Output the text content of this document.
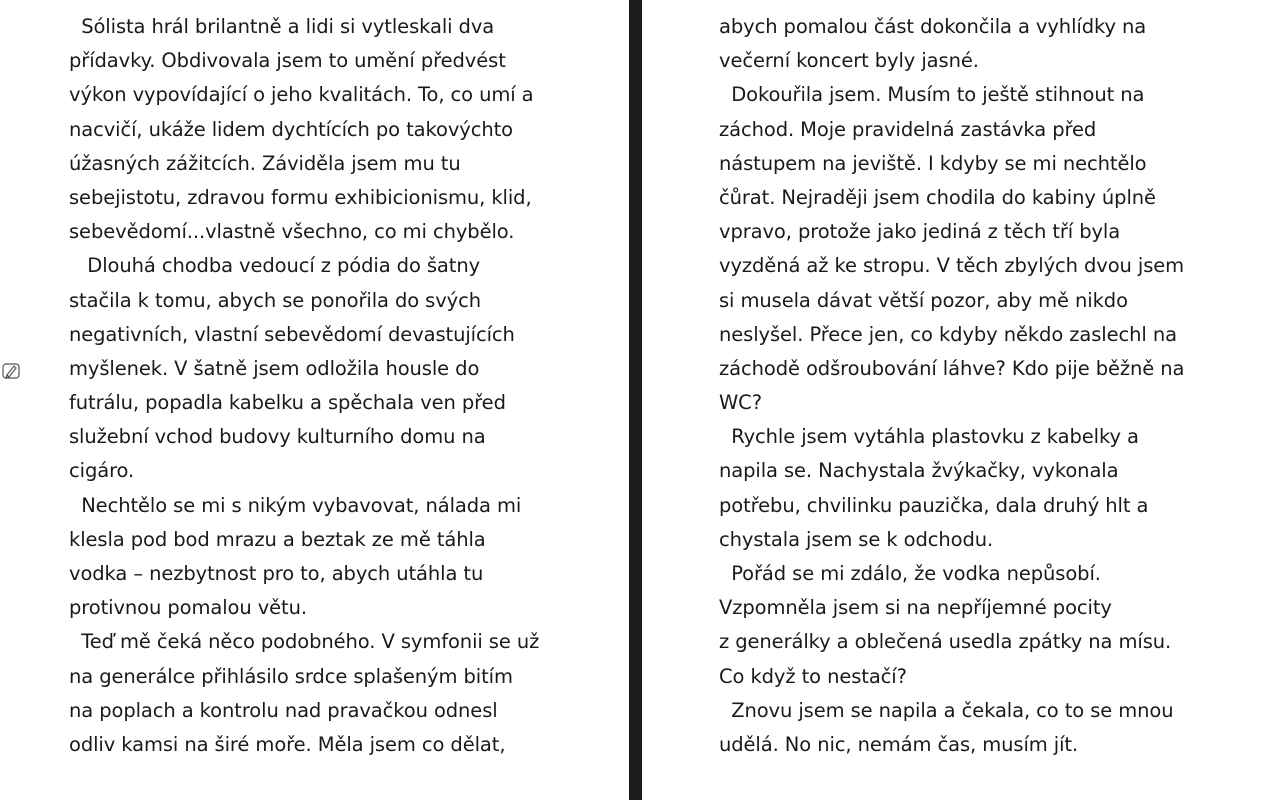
Sólista hrál brilantně a lidi si vytleskali dva
přídavky. Obdivovala jsem to umění předvést
výkon vypovídající o jeho kvalitách. To, co umí a
nacvičí, ukáže lidem dychtících po takovýchto
úžasných zážitcích. Záviděla jsem mu tu
sebejistotu, zdravou formu exhibicionismu, klid,
sebevědomí...vlastně všechno, co mi chybělo.
Dlouhá chodba vedoucí z pódia do šatny
stačila k tomu, abych se ponořila do svých
negativních, vlastní sebevědomí devastujících
myšlenek. V šatně jsem odložila housle do
futrálu, popadla kabelku a spěchala ven před
služební vchod budovy kulturního domu na
cigáro.
Nechtělo se mi s nikým vybavovat, nálada mi
klesla pod bod mrazu a beztak ze mě táhla
vodka – nezbytnost pro to, abych utáhla tu
protivnou pomalou větu.
Teď mě čeká něco podobného. V symfonii se už
na generálce přihlásilo srdce splašeným bitím
na poplach a kontrolu nad pravačkou odnesl
odliv kamsi na širé moře. Měla jsem co dělat,
abych pomalou část dokončila a vyhlídky na
večerní koncert byly jasné.
Dokouřila jsem. Musím to ještě stihnout na
záchod. Moje pravidelná zastávka před
nástupem na jeviště. I kdyby se mi nechtělo
čůrat. Nejraději jsem chodila do kabiny úplně
vpravo, protože jako jediná z těch tří byla
vyzděná až ke stropu. V těch zbylých dvou jsem
si musela dávat větší pozor, aby mě nikdo
neslyšel. Přece jen, co kdyby někdo zaslechl na
záchodě odšroubování láhve? Kdo pije běžně na
WC?
Rychle jsem vytáhla plastovku z kabelky a
napila se. Nachystala žvýkačky, vykonala
potřebu, chvilinku pauzička, dala druhý hlt a
chystala jsem se k odchodu.
Pořád se mi zdálo, že vodka nepůsobí.
Vzpomněla jsem si na nepříjemné pocity
z generálky a oblečená usedla zpátky na mísu.
Co když to nestačí?
Znovu jsem se napila a čekala, co to se mnou
udělá. No nic, nemám čas, musím jít.
